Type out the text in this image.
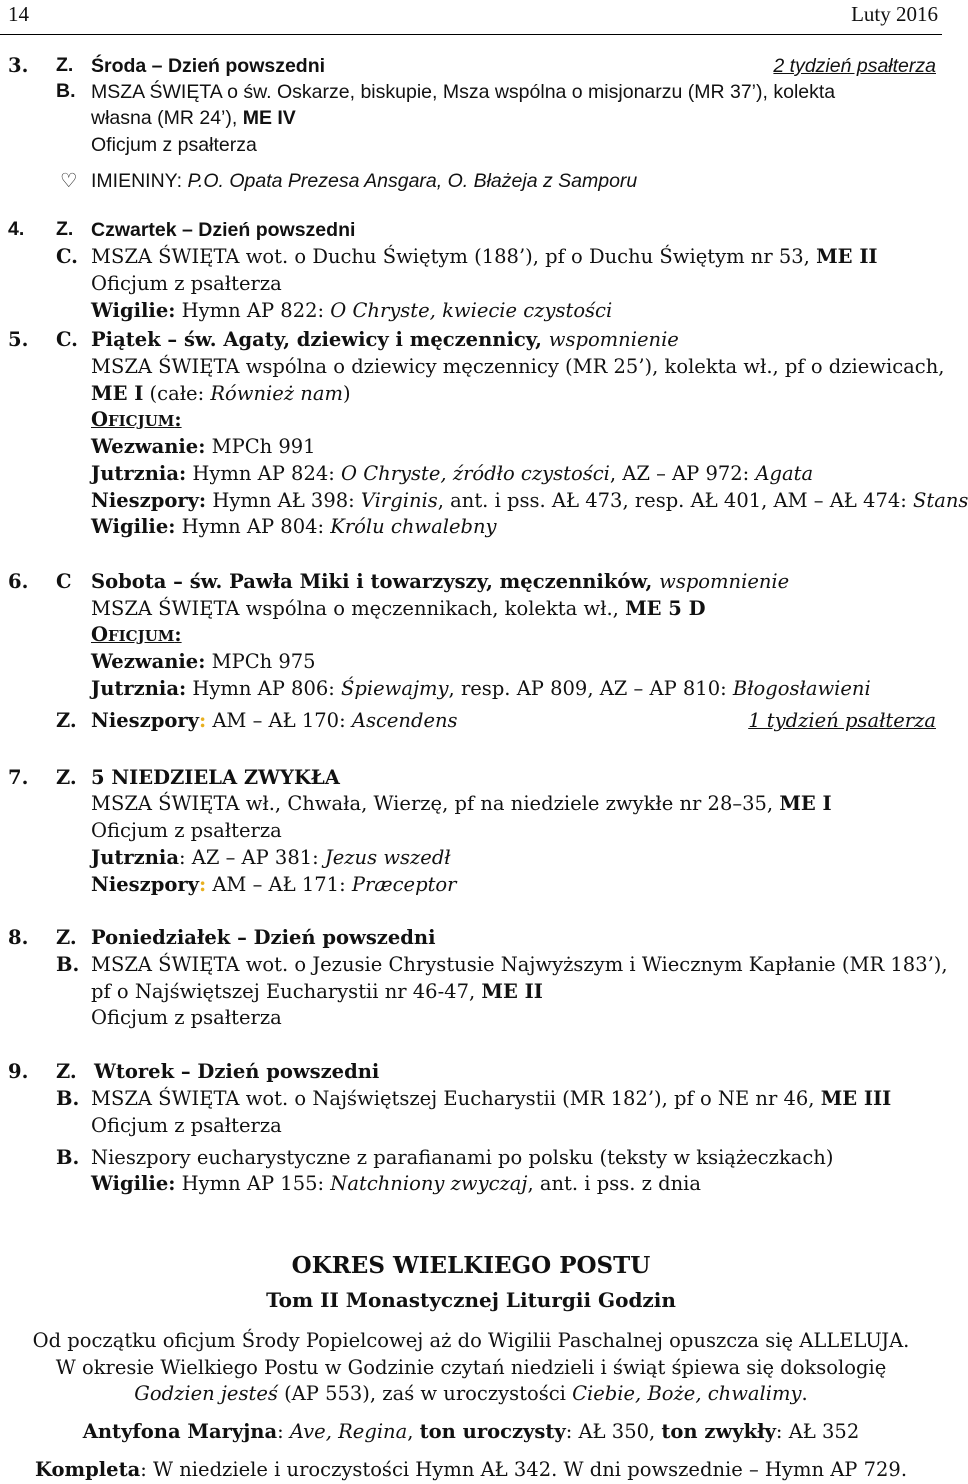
14	Luty 2016
3. Z. Środa – Dzień powszedni	2 tydzień psałterza
B. MSZA ŚWIĘTA o św. Oskarze, biskupie, Msza wspólna o misjonarzu (MR 37’), kolekta
własna (MR 24’), ME IV
Oficjum z psałterza
♡ IMIENINY: P.O. Opata Prezesa Ansgara, O. Błażeja z Samporu
4. Z. Czwartek – Dzień powszedni
C. MSZA ŚWIĘTA wot. o Duchu Świętym (188’), pf o Duchu Świętym nr 53, ME II
Oficjum z psałterza
Wigilie: Hymn AP 822: O Chryste, kwiecie czystości
5. C. Piątek – św. Agaty, dziewicy i męczennicy, wspomnienie
MSZA ŚWIĘTA wspólna o dziewicy męczennicy (MR 25’), kolekta wł., pf o dziewicach,
ME I (całe: Również nam)
OFICJUM:
Wezwanie: MPCh 991
Jutrznia: Hymn AP 824: O Chryste, źródło czystości, AZ – AP 972: Agata
Nieszpory: Hymn AŁ 398: Virginis, ant. i pss. AŁ 473, resp. AŁ 401, AM – AŁ 474: Stans
Wigilie: Hymn AP 804: Królu chwalebny
6. C Sobota – św. Pawła Miki i towarzyszy, męczenników, wspomnienie
MSZA ŚWIĘTA wspólna o męczennikach, kolekta wł., ME 5 D
OFICJUM:
Wezwanie: MPCh 975
Jutrznia: Hymn AP 806: Śpiewajmy, resp. AP 809, AZ – AP 810: Błogosławieni
Z. Nieszpory: AM – AŁ 170: Ascendens	1 tydzień psałterza
7. Z. 5 NIEDZIELA ZWYKŁA
MSZA ŚWIĘTA wł., Chwała, Wierzę, pf na niedziele zwykłe nr 28–35, ME I
Oficjum z psałterza
Jutrznia: AZ – AP 381: Jezus wszedł
Nieszpory: AM – AŁ 171: Præceptor
8. Z. Poniedziałek – Dzień powszedni
B. MSZA ŚWIĘTA wot. o Jezusie Chrystusie Najwyższym i Wiecznym Kapłanie (MR 183’),
pf o Najświętszej Eucharystii nr 46-47, ME II
Oficjum z psałterza
9. Z. Wtorek – Dzień powszedni
B. MSZA ŚWIĘTA wot. o Najświętszej Eucharystii (MR 182’), pf o NE nr 46, ME III
Oficjum z psałterza
B. Nieszpory eucharystyczne z parafianami po polsku (teksty w książeczkach)
Wigilie: Hymn AP 155: Natchniony zwyczaj, ant. i pss. z dnia
OKRES WIELKIEGO POSTU
Tom II Monastycznej Liturgii Godzin
Od początku oficjum Środy Popielcowej aż do Wigilii Paschalnej opuszcza się ALLELUJA.
W okresie Wielkiego Postu w Godzinie czytań niedzieli i świąt śpiewa się doksologię
Godzien jesteś (AP 553), zaś w uroczystości Ciebie, Boże, chwalimy.
Antyfona Maryjna: Ave, Regina, ton uroczysty: AŁ 350, ton zwykły: AŁ 352
Kompleta: W niedziele i uroczystości Hymn AŁ 342. W dni powszednie – Hymn AP 729.
